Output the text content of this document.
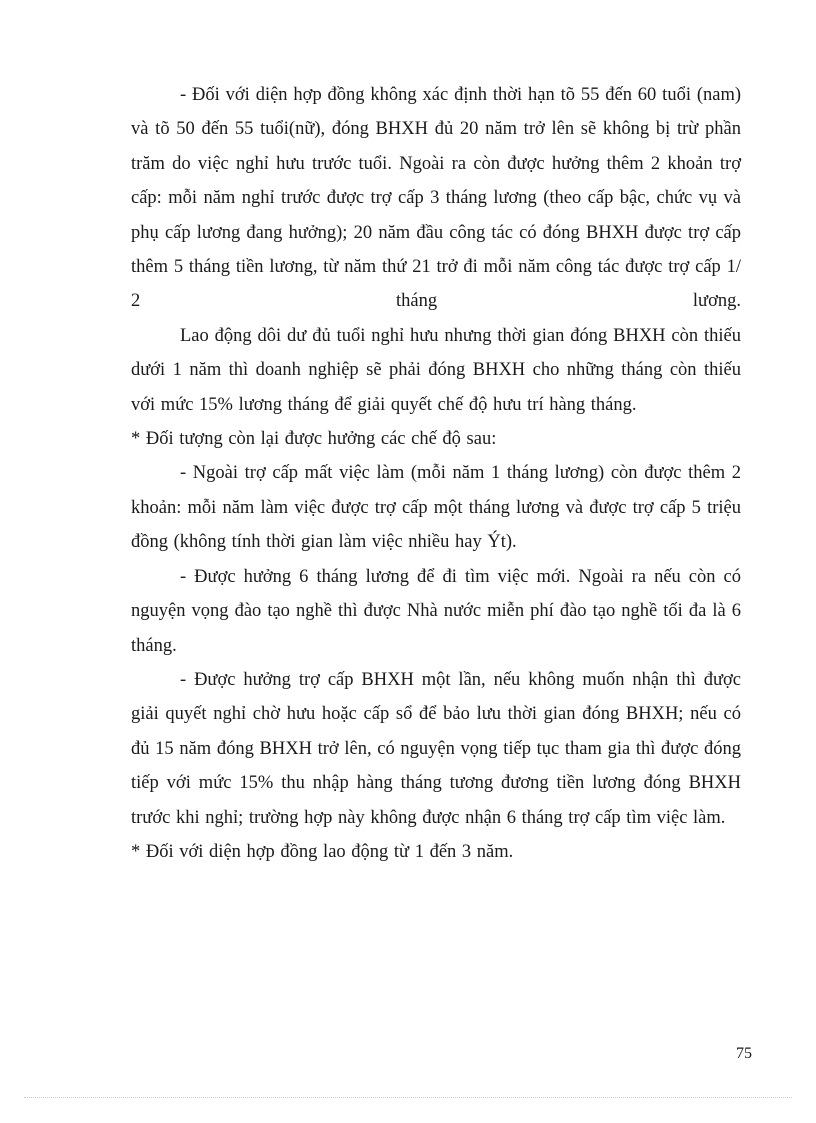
- Đối với diện hợp đồng không xác định thời hạn tõ 55 đến 60 tuổi (nam) và tõ 50 đến 55 tuổi(nữ), đóng BHXH đủ 20 năm trở lên sẽ không bị trừ phần trăm do việc nghỉ hưu trước tuổi. Ngoài ra còn được hưởng thêm 2 khoản trợ cấp: mỗi năm nghỉ trước được trợ cấp 3 tháng lương (theo cấp bậc, chức vụ và phụ cấp lương đang hưởng); 20 năm đầu công tác có đóng BHXH được trợ cấp thêm 5 tháng tiền lương, từ năm thứ 21 trở đi mỗi năm công tác được trợ cấp 1/ 2 tháng lương.

Lao động dôi dư đủ tuổi nghỉ hưu nhưng thời gian đóng BHXH còn thiếu dưới 1 năm thì doanh nghiệp sẽ phải đóng BHXH cho những tháng còn thiếu với mức 15% lương tháng để giải quyết chế độ hưu trí hàng tháng.

* Đối tượng còn lại được hưởng các chế độ sau:

- Ngoài trợ cấp mất việc làm (mỗi năm 1 tháng lương) còn được thêm 2 khoản: mỗi năm làm việc được trợ cấp một tháng lương và được trợ cấp 5 triệu đồng (không tính thời gian làm việc nhiều hay Ýt).

- Được hưởng 6 tháng lương để đi tìm việc mới. Ngoài ra nếu còn có nguyện vọng đào tạo nghề thì được Nhà nước miễn phí đào tạo nghề tối đa là 6 tháng.

- Được hưởng trợ cấp BHXH một lần, nếu không muốn nhận thì được giải quyết nghỉ chờ hưu hoặc cấp sổ để bảo lưu thời gian đóng BHXH; nếu có đủ 15 năm đóng BHXH trở lên, có nguyện vọng tiếp tục tham gia thì được đóng tiếp với mức 15% thu nhập hàng tháng tương đương tiền lương đóng BHXH trước khi nghỉ; trường hợp này không được nhận 6 tháng trợ cấp tìm việc làm.

* Đối với diện hợp đồng lao động từ 1 đến 3 năm.

75
